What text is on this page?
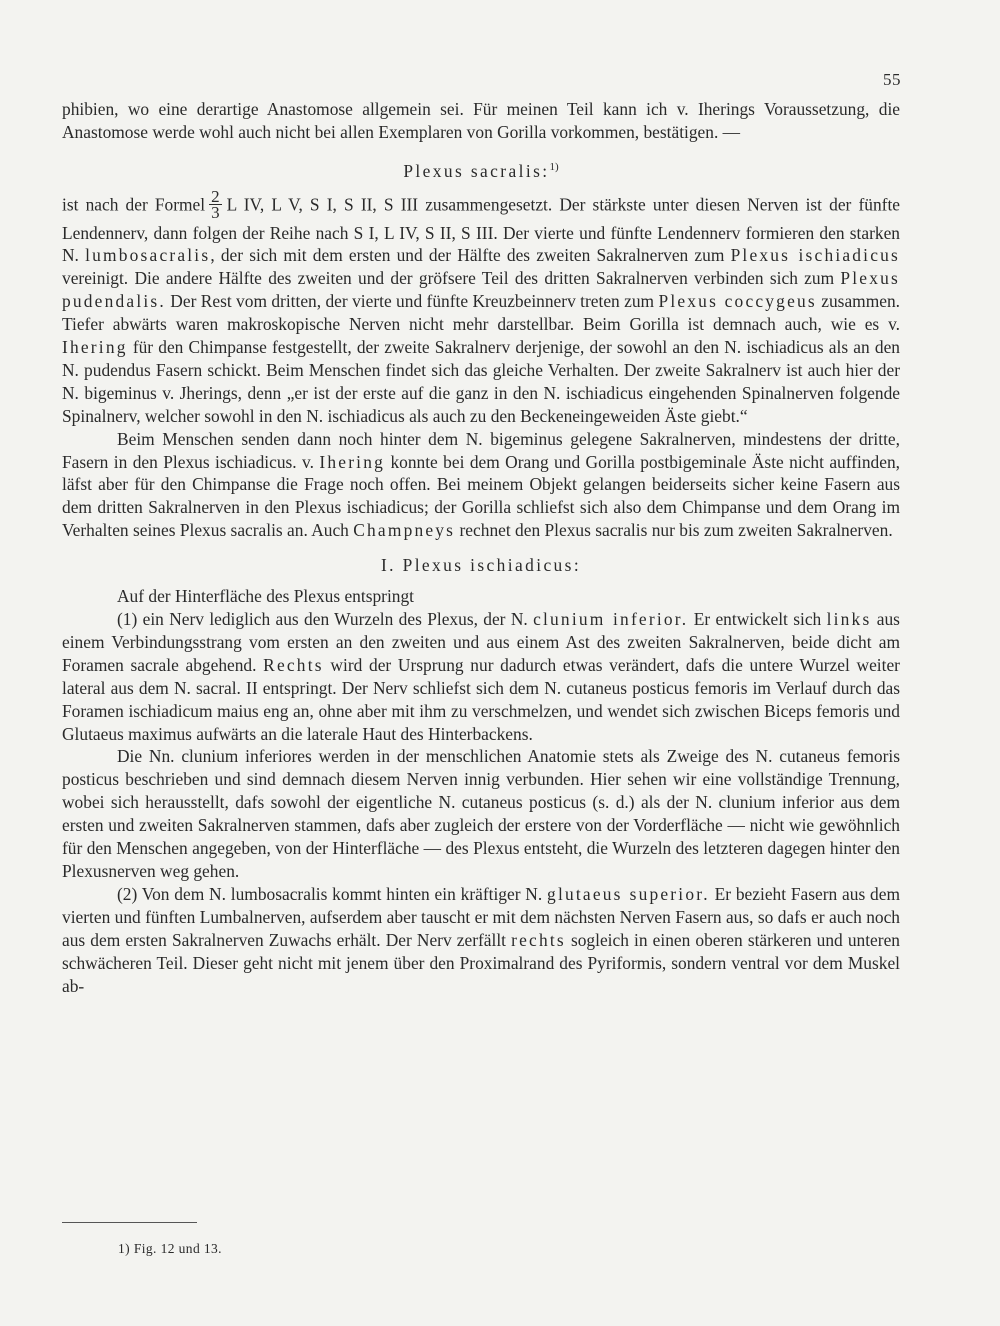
55

phibien, wo eine derartige Anastomose allgemein sei. Für meinen Teil kann ich v. Iherings Voraussetzung, die Anastomose werde wohl auch nicht bei allen Exemplaren von Gorilla vorkommen, bestätigen. —

Plexus sacralis:$^{1)}$

ist nach der Formel $\frac{2}{3}$ L IV, L V, S I, S II, S III zusammengesetzt. Der stärkste unter diesen Nerven ist der fünfte Lendennerv, dann folgen der Reihe nach S I, L IV, S II, S III. Der vierte und fünfte Lendennerv formieren den starken N. lumbosacralis, der sich mit dem ersten und der Hälfte des zweiten Sakralnerven zum Plexus ischiadicus vereinigt. Die andere Hälfte des zweiten und der gröfsere Teil des dritten Sakralnerven verbinden sich zum Plexus pudendalis. Der Rest vom dritten, der vierte und fünfte Kreuzbeinnerv treten zum Plexus coccygeus zusammen. Tiefer abwärts waren makroskopische Nerven nicht mehr darstellbar. Beim Gorilla ist demnach auch, wie es v. Ihering für den Chimpanse festgestellt, der zweite Sakralnerv derjenige, der sowohl an den N. ischiadicus als an den N. pudendus Fasern schickt. Beim Menschen findet sich das gleiche Verhalten. Der zweite Sakralnerv ist auch hier der N. bigeminus v. Jherings, denn „er ist der erste auf die ganz in den N. ischiadicus eingehenden Spinalnerven folgende Spinalnerv, welcher sowohl in den N. ischiadicus als auch zu den Beckeneingeweiden Äste giebt.“

Beim Menschen senden dann noch hinter dem N. bigeminus gelegene Sakralnerven, mindestens der dritte, Fasern in den Plexus ischiadicus. v. Ihering konnte bei dem Orang und Gorilla postbigeminale Äste nicht auffinden, läfst aber für den Chimpanse die Frage noch offen. Bei meinem Objekt gelangen beiderseits sicher keine Fasern aus dem dritten Sakralnerven in den Plexus ischiadicus; der Gorilla schliefst sich also dem Chimpanse und dem Orang im Verhalten seines Plexus sacralis an. Auch Champneys rechnet den Plexus sacralis nur bis zum zweiten Sakralnerven.

I. Plexus ischiadicus:

Auf der Hinterfläche des Plexus entspringt

(1) ein Nerv lediglich aus den Wurzeln des Plexus, der N. clunium inferior. Er entwickelt sich links aus einem Verbindungsstrang vom ersten an den zweiten und aus einem Ast des zweiten Sakralnerven, beide dicht am Foramen sacrale abgehend. Rechts wird der Ursprung nur dadurch etwas verändert, dafs die untere Wurzel weiter lateral aus dem N. sacral. II entspringt. Der Nerv schliefst sich dem N. cutaneus posticus femoris im Verlauf durch das Foramen ischiadicum maius eng an, ohne aber mit ihm zu verschmelzen, und wendet sich zwischen Biceps femoris und Glutaeus maximus aufwärts an die laterale Haut des Hinterbackens.

Die Nn. clunium inferiores werden in der menschlichen Anatomie stets als Zweige des N. cutaneus femoris posticus beschrieben und sind demnach diesem Nerven innig verbunden. Hier sehen wir eine vollständige Trennung, wobei sich herausstellt, dafs sowohl der eigentliche N. cutaneus posticus (s. d.) als der N. clunium inferior aus dem ersten und zweiten Sakralnerven stammen, dafs aber zugleich der erstere von der Vorderfläche — nicht wie gewöhnlich für den Menschen angegeben, von der Hinterfläche — des Plexus entsteht, die Wurzeln des letzteren dagegen hinter den Plexusnerven weg gehen.

(2) Von dem N. lumbosacralis kommt hinten ein kräftiger N. glutaeus superior. Er bezieht Fasern aus dem vierten und fünften Lumbalnerven, aufserdem aber tauscht er mit dem nächsten Nerven Fasern aus, so dafs er auch noch aus dem ersten Sakralnerven Zuwachs erhält. Der Nerv zerfällt rechts sogleich in einen oberen stärkeren und unteren schwächeren Teil. Dieser geht nicht mit jenem über den Proximalrand des Pyriformis, sondern ventral vor dem Muskel ab-

1) Fig. 12 und 13.
